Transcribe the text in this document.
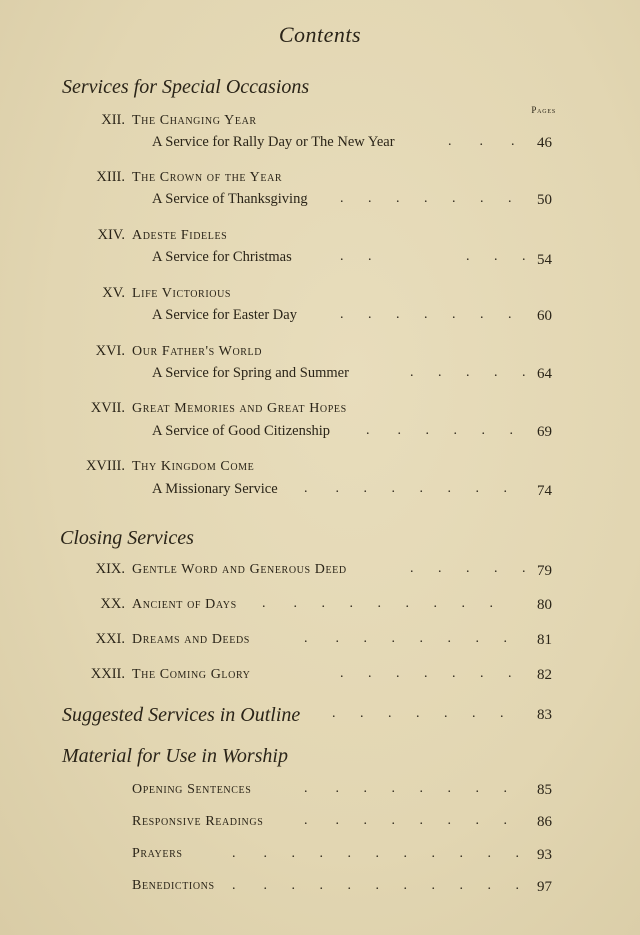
Contents
Services for Special Occasions
Pages
XII. The Changing Year
A Service for Rally Day or The New Year	.        .        . 46
XIII. The Crown of the Year
A Service of Thanksgiving .       .       .       .       .       .       . 50
XIV. Adeste Fideles
A Service for Christmas	.       .                           .       .       . 54
XV. Life Victorious
A Service for Easter Day	.       .       .       .       .       .       . 60
XVI. Our Father's World
A Service for Spring and Summer	.       .       .       .       . 64
XVII. Great Memories and Great Hopes
A Service of Good Citizenship	.        .       .       .       .       . 69
XVIII. Thy Kingdom Come
A Missionary Service .        .       .       .       .       .       .       . 74
Closing Services
XIX. Gentle Word and Generous Deed	.       .       .       .       . 79
XX. Ancient of Days .        .       .       .       .       .       .       .       .	80
XXI. Dreams and Deeds	.        .       .       .       .       .       .       . 81
XXII. The Coming Glory	.       .       .       .       .       .       . 82
Suggested Services in Outline .       .       .       .       .       .       . 83
Material for Use in Worship
Opening Sentences	.        .       .       .       .       .       .       . 85
Responsive Readings	.        .       .       .       .       .       .       . 86
Prayers	.        .       .       .       .       .       .       .       .       .       . 93
Benedictions .        .       .       .       .       .       .       .       .       .       . 97
